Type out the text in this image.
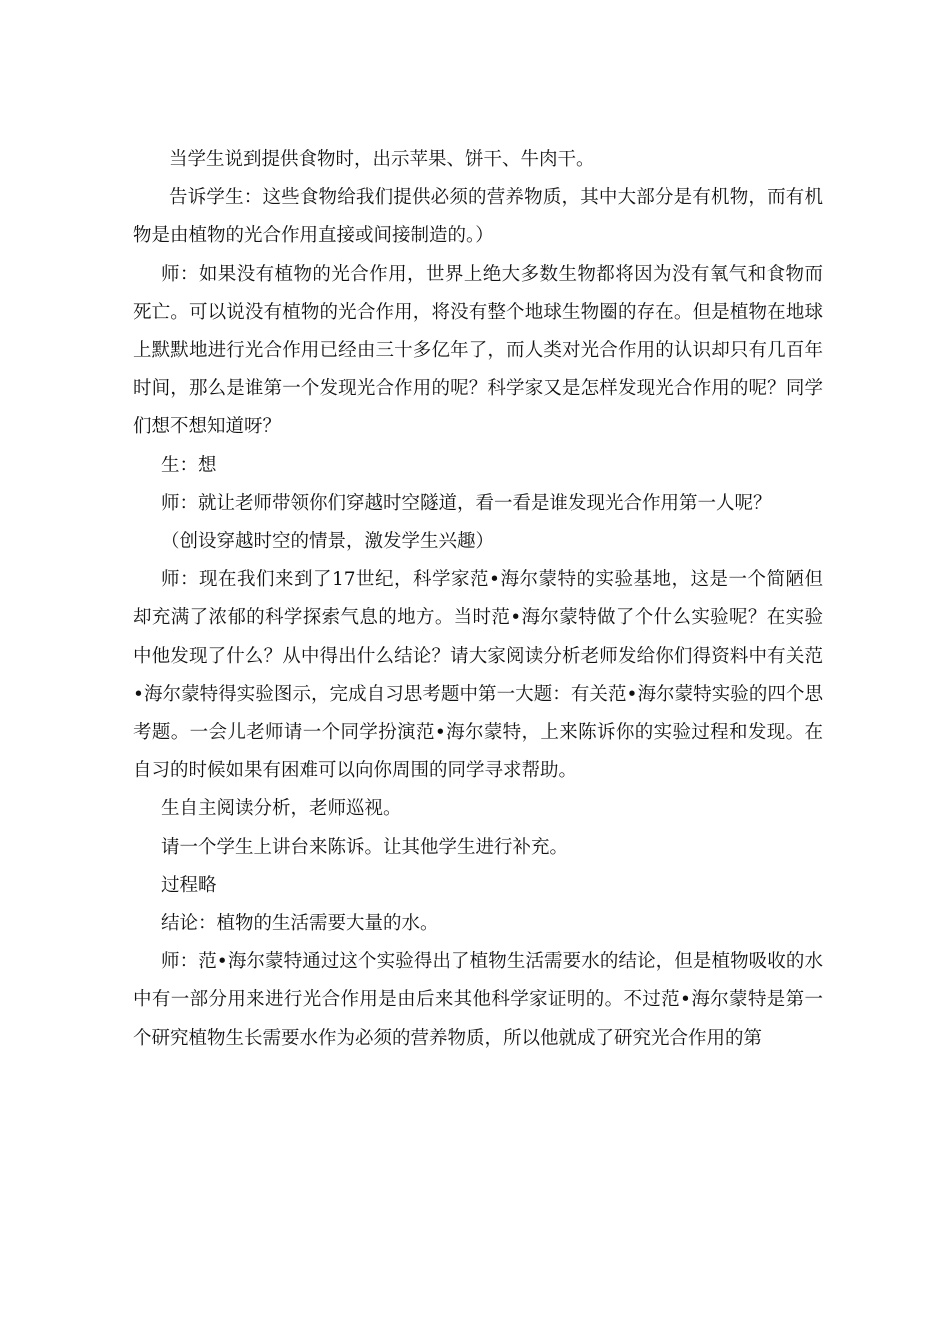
当学生说到提供食物时，出示苹果、饼干、牛肉干。

告诉学生：这些食物给我们提供必须的营养物质，其中大部分是有机物，而有机物是由植物的光合作用直接或间接制造的。）

师：如果没有植物的光合作用，世界上绝大多数生物都将因为没有氧气和食物而死亡。可以说没有植物的光合作用，将没有整个地球生物圈的存在。但是植物在地球上默默地进行光合作用已经由三十多亿年了，而人类对光合作用的认识却只有几百年时间，那么是谁第一个发现光合作用的呢？科学家又是怎样发现光合作用的呢？同学们想不想知道呀？

生：想

师：就让老师带领你们穿越时空隧道，看一看是谁发现光合作用第一人呢？

（创设穿越时空的情景，激发学生兴趣）

师：现在我们来到了17世纪，科学家范•海尔蒙特的实验基地，这是一个简陋但却充满了浓郁的科学探索气息的地方。当时范•海尔蒙特做了个什么实验呢？在实验中他发现了什么？从中得出什么结论？请大家阅读分析老师发给你们得资料中有关范•海尔蒙特得实验图示，完成自习思考题中第一大题：有关范•海尔蒙特实验的四个思考题。一会儿老师请一个同学扮演范•海尔蒙特，上来陈诉你的实验过程和发现。在自习的时候如果有困难可以向你周围的同学寻求帮助。

生自主阅读分析，老师巡视。

请一个学生上讲台来陈诉。让其他学生进行补充。

过程略

结论：植物的生活需要大量的水。

师：范•海尔蒙特通过这个实验得出了植物生活需要水的结论，但是植物吸收的水中有一部分用来进行光合作用是由后来其他科学家证明的。不过范•海尔蒙特是第一个研究植物生长需要水作为必须的营养物质，所以他就成了研究光合作用的第
